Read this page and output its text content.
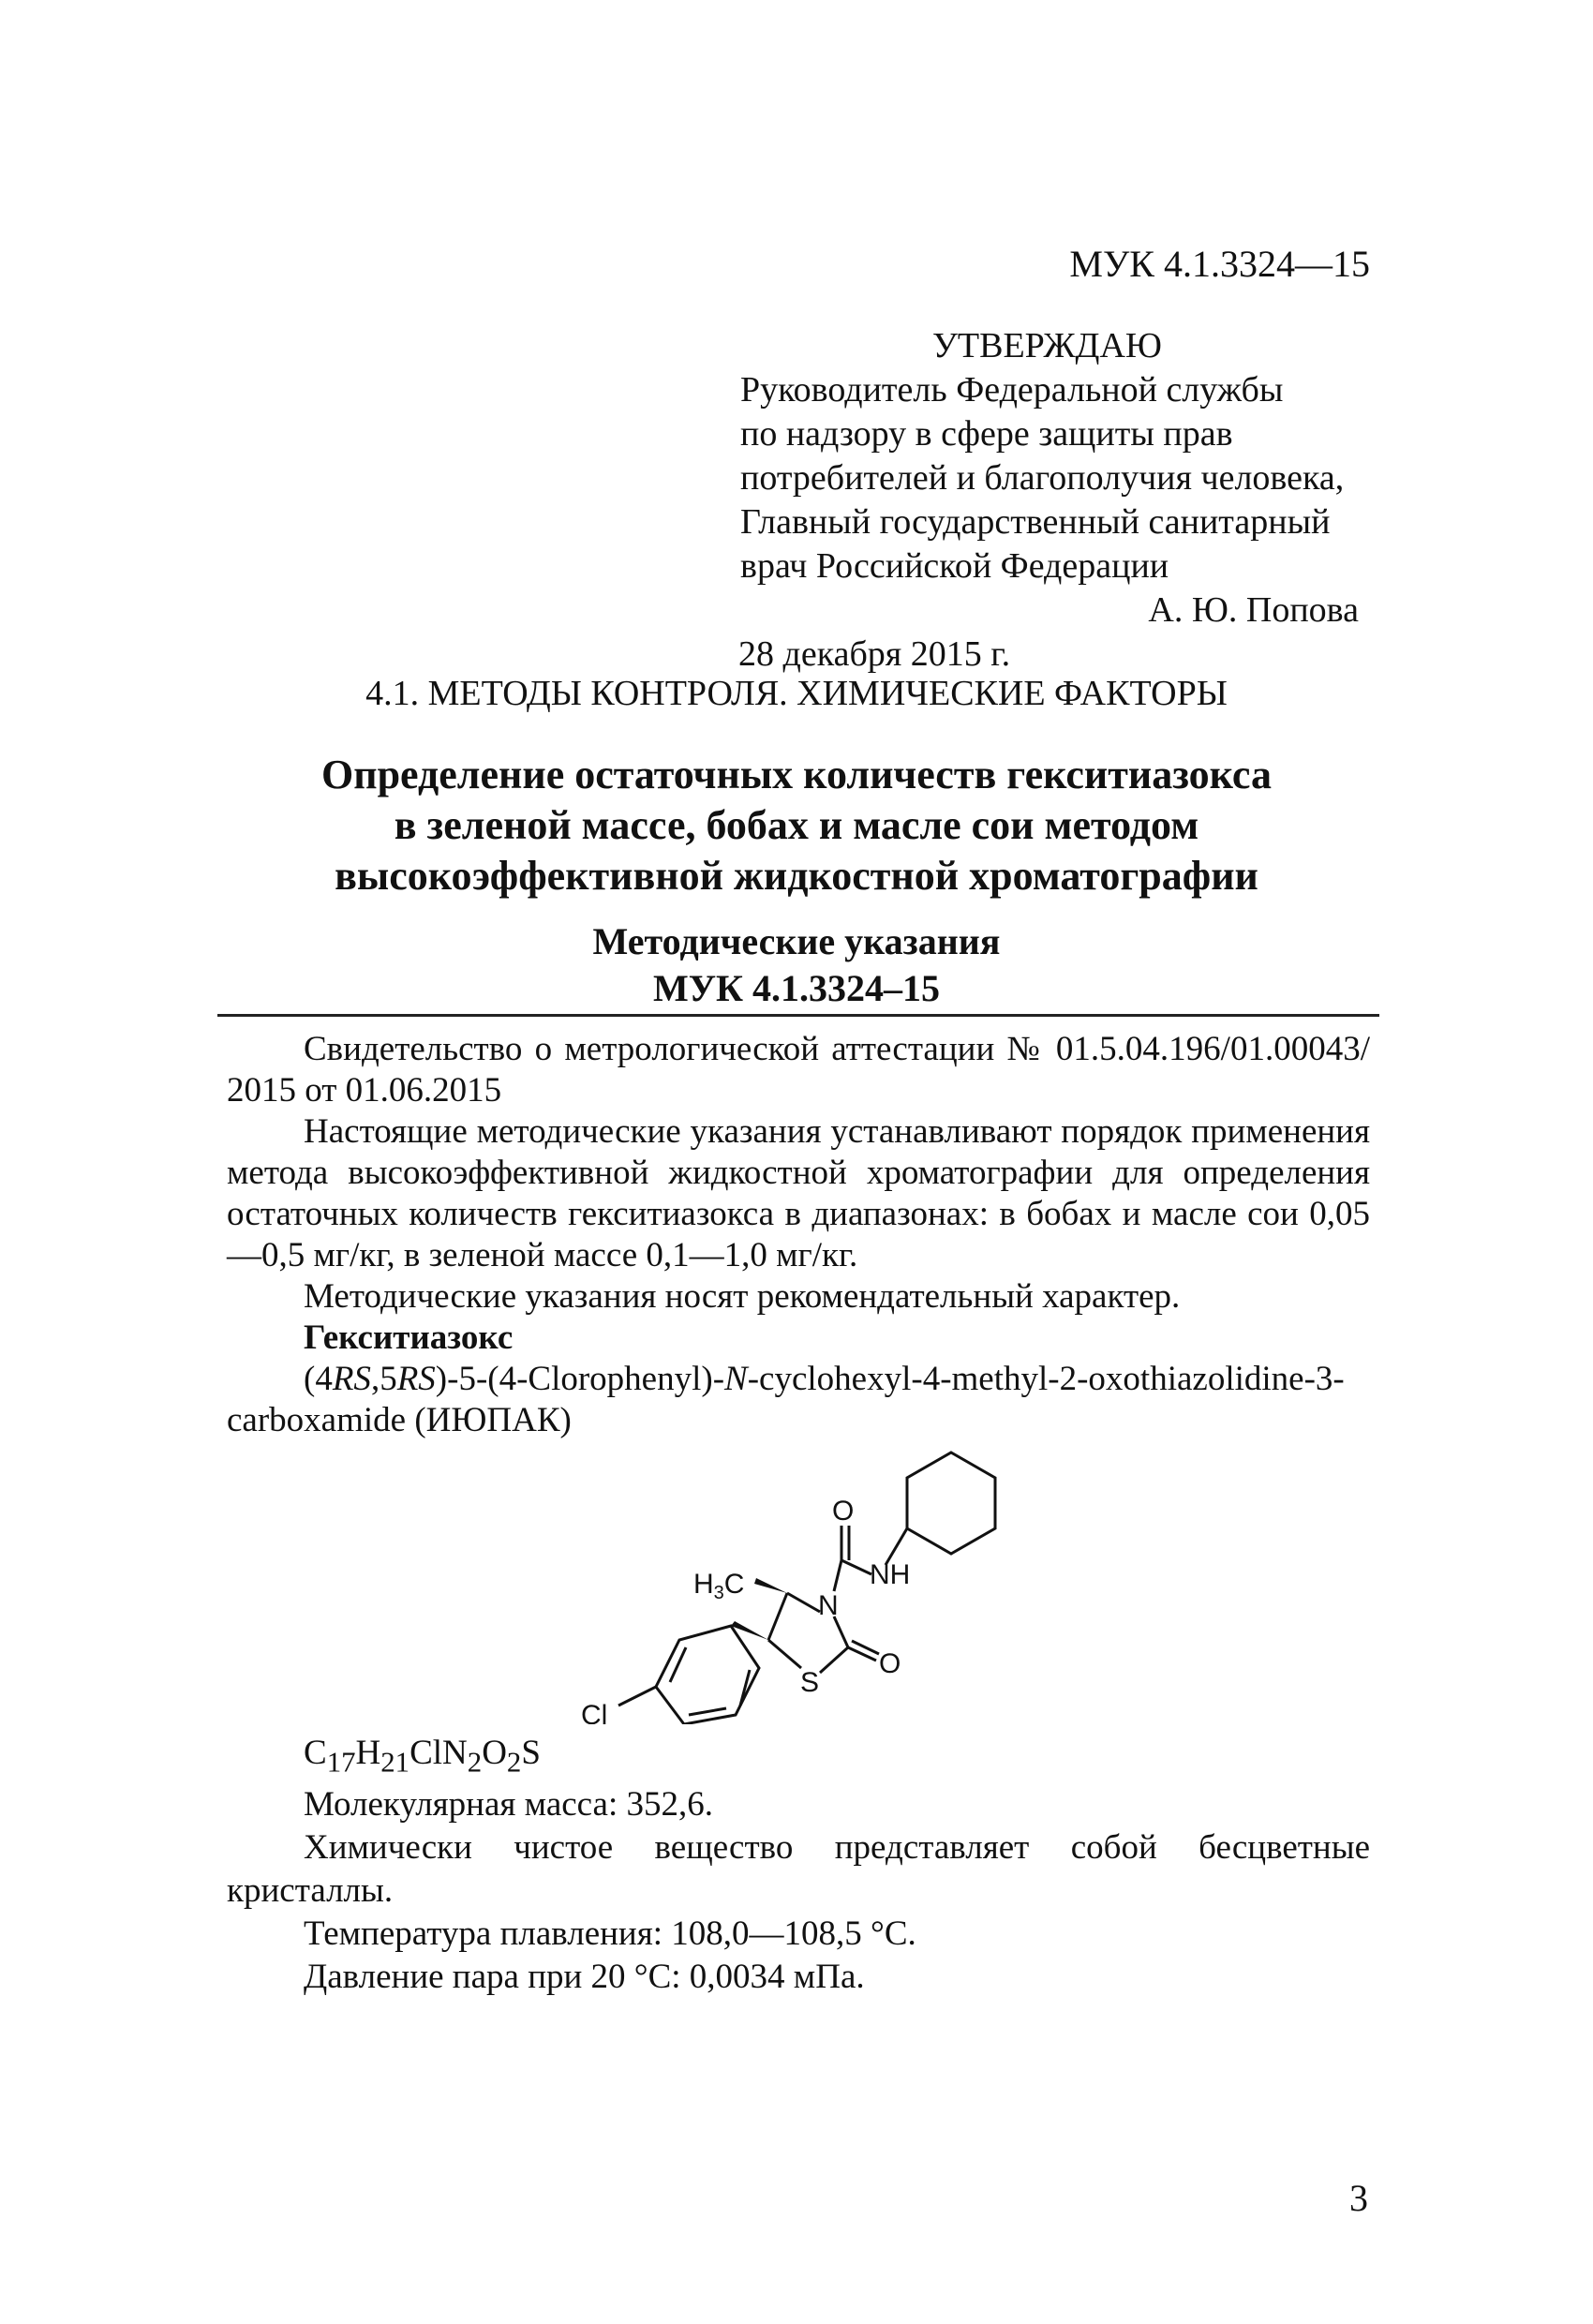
МУК 4.1.3324—15
УТВЕРЖДАЮ
Руководитель Федеральной службы
по надзору в сфере защиты прав
потребителей и благополучия человека,
Главный государственный санитарный
врач Российской Федерации
А. Ю. Попова
28 декабря 2015 г.
4.1. МЕТОДЫ КОНТРОЛЯ. ХИМИЧЕСКИЕ ФАКТОРЫ
Определение остаточных количеств гекситиазокса
в зеленой массе, бобах и масле сои методом
высокоэффективной жидкостной хроматографии
Методические указания
МУК 4.1.3324–15

Свидетельство о метрологической аттестации № 01.5.04.196/01.00043/ 2015 от 01.06.2015

Настоящие методические указания устанавливают порядок применения метода высокоэффективной жидкостной хроматографии для определения остаточных количеств гекситиазокса в диапазонах: в бобах и масле сои 0,05—0,5 мг/кг, в зеленой массе 0,1—1,0 мг/кг.

Методические указания носят рекомендательный характер.

Гекситиазокс

(4RS,5RS)-5-(4-Clorophenyl)-N-cyclohexyl-4-methyl-2-oxothiazolidine-3-carboxamide (ИЮПАК)

O
NH
N
O
S
Cl
$H_3C$

$C_{17}H_{21}ClN_2O_2S$

Молекулярная масса: 352,6.

Химически чистое вещество представляет собой бесцветные кристаллы.

Температура плавления: 108,0—108,5 °С.

Давление пара при 20 °С: 0,0034 мПа.

3
